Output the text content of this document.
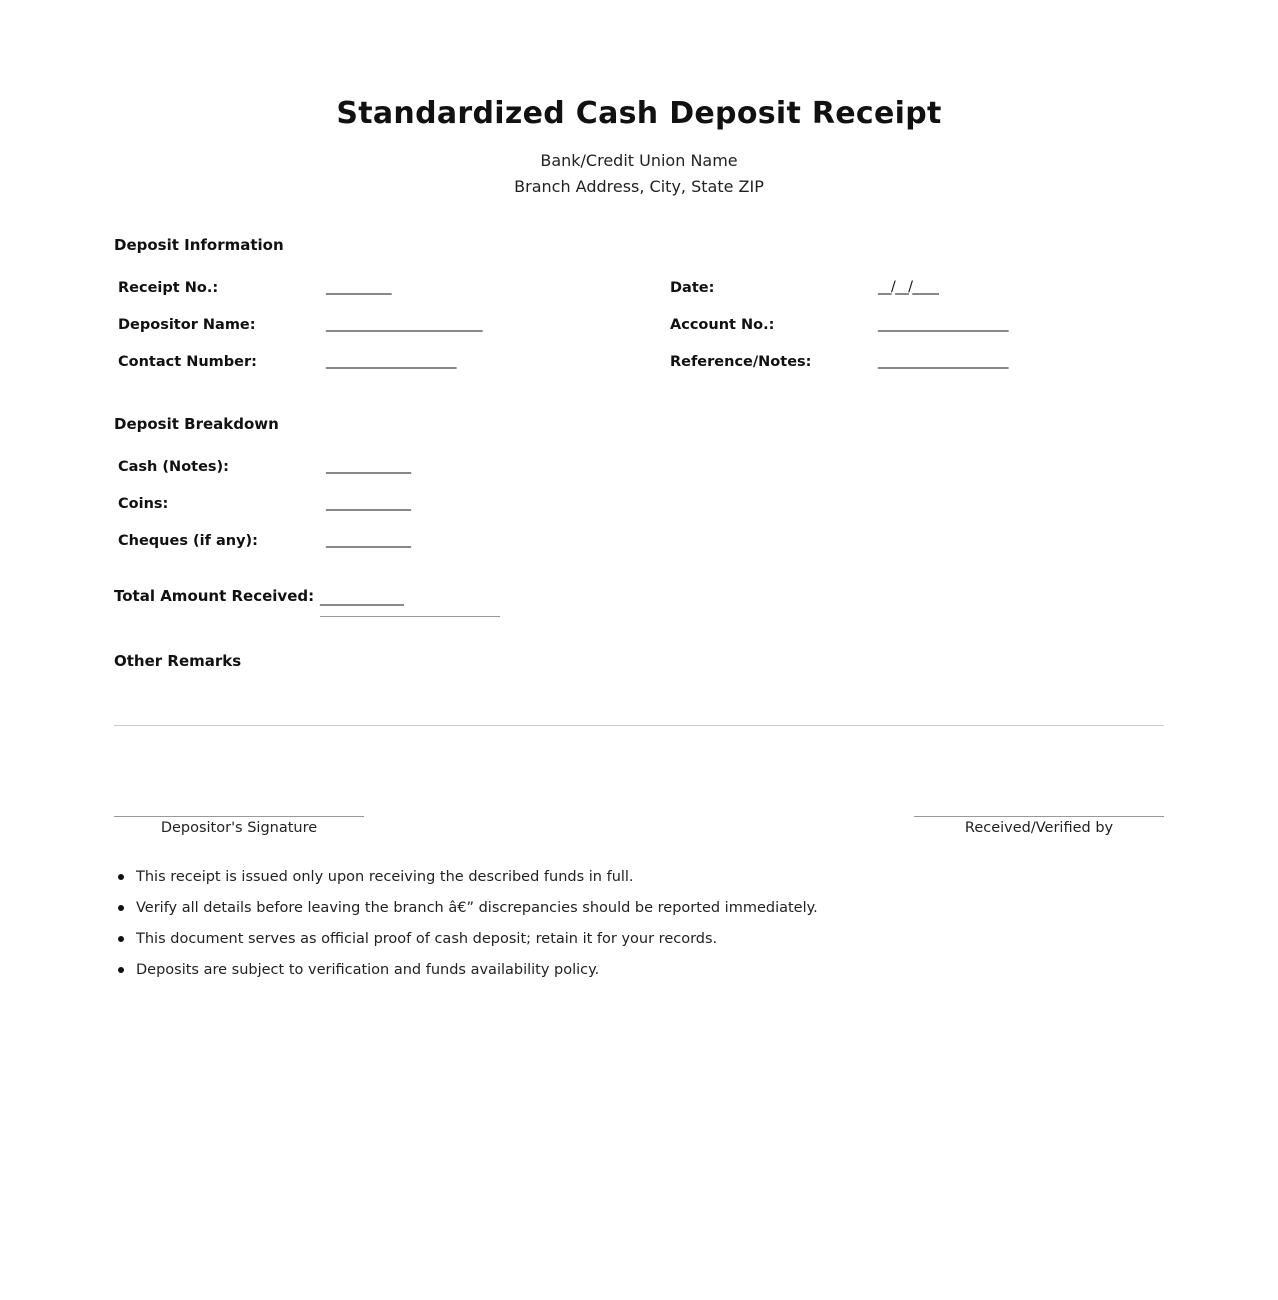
Standardized Cash Deposit Receipt
Bank/Credit Union Name
Branch Address, City, State ZIP
Deposit Information
Receipt No.:	__________
Depositor Name:	________________________
Contact Number:	____________________
Date:	__/__/____
Account No.:	____________________
Reference/Notes:	____________________
Deposit Breakdown
Cash (Notes):	_____________
Coins:	_____________
Cheques (if any):	_____________
Total Amount Received: ____________
Other Remarks
Depositor's Signature	Received/Verified by
This receipt is issued only upon receiving the described funds in full.
Verify all details before leaving the branch â€” discrepancies should be reported immediately.
This document serves as official proof of cash deposit; retain it for your records.
Deposits are subject to verification and funds availability policy.
